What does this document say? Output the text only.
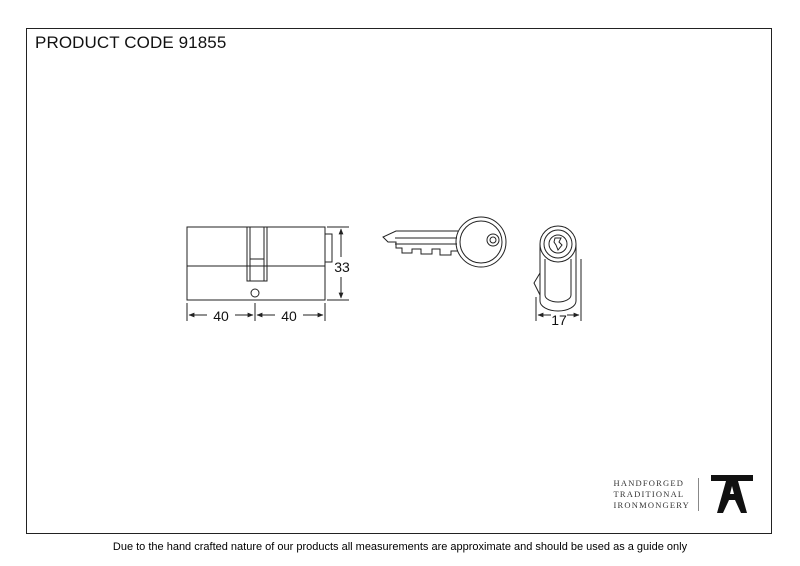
PRODUCT CODE 91855
40	40
33
17
HANDFORGED
TRADITIONAL
IRONMONGERY
Due to the hand crafted nature of our products all measurements are approximate and should be used as a guide only
